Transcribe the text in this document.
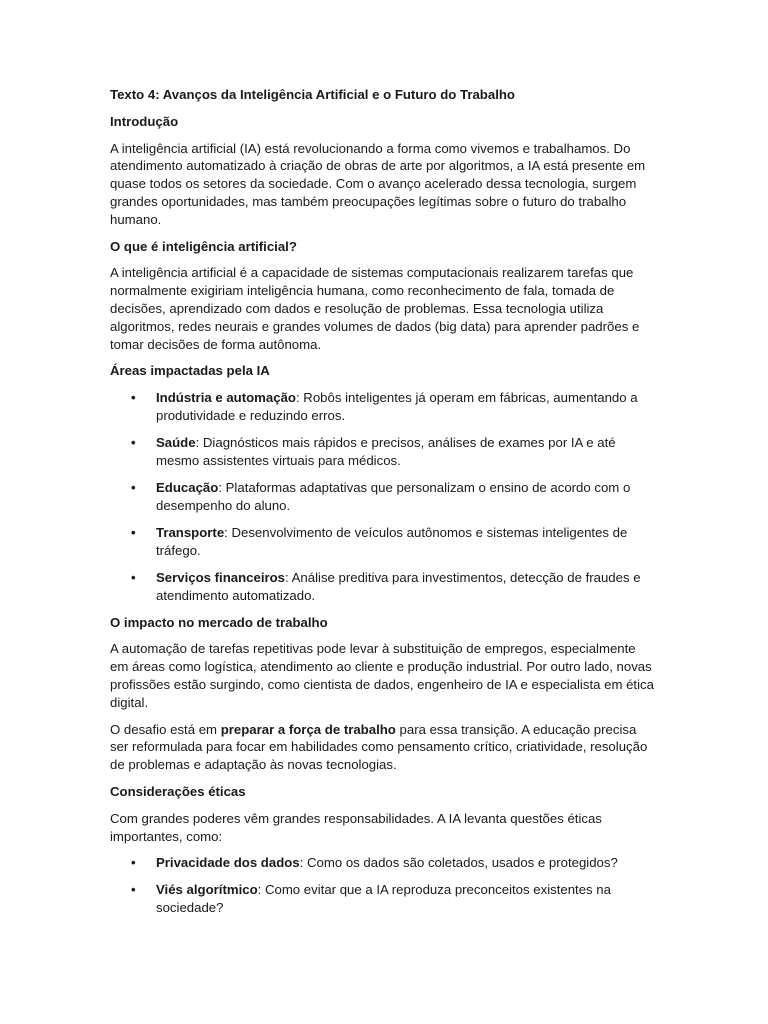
Texto 4: Avanços da Inteligência Artificial e o Futuro do Trabalho

Introdução

A inteligência artificial (IA) está revolucionando a forma como vivemos e trabalhamos. Do atendimento automatizado à criação de obras de arte por algoritmos, a IA está presente em quase todos os setores da sociedade. Com o avanço acelerado dessa tecnologia, surgem grandes oportunidades, mas também preocupações legítimas sobre o futuro do trabalho humano.

O que é inteligência artificial?

A inteligência artificial é a capacidade de sistemas computacionais realizarem tarefas que normalmente exigiriam inteligência humana, como reconhecimento de fala, tomada de decisões, aprendizado com dados e resolução de problemas. Essa tecnologia utiliza algoritmos, redes neurais e grandes volumes de dados (big data) para aprender padrões e tomar decisões de forma autônoma.

Áreas impactadas pela IA

• Indústria e automação: Robôs inteligentes já operam em fábricas, aumentando a produtividade e reduzindo erros.
• Saúde: Diagnósticos mais rápidos e precisos, análises de exames por IA e até mesmo assistentes virtuais para médicos.
• Educação: Plataformas adaptativas que personalizam o ensino de acordo com o desempenho do aluno.
• Transporte: Desenvolvimento de veículos autônomos e sistemas inteligentes de tráfego.
• Serviços financeiros: Análise preditiva para investimentos, detecção de fraudes e atendimento automatizado.

O impacto no mercado de trabalho

A automação de tarefas repetitivas pode levar à substituição de empregos, especialmente em áreas como logística, atendimento ao cliente e produção industrial. Por outro lado, novas profissões estão surgindo, como cientista de dados, engenheiro de IA e especialista em ética digital.

O desafio está em preparar a força de trabalho para essa transição. A educação precisa ser reformulada para focar em habilidades como pensamento crítico, criatividade, resolução de problemas e adaptação às novas tecnologias.

Considerações éticas

Com grandes poderes vêm grandes responsabilidades. A IA levanta questões éticas importantes, como:

• Privacidade dos dados: Como os dados são coletados, usados e protegidos?
• Viés algorítmico: Como evitar que a IA reproduza preconceitos existentes na sociedade?
